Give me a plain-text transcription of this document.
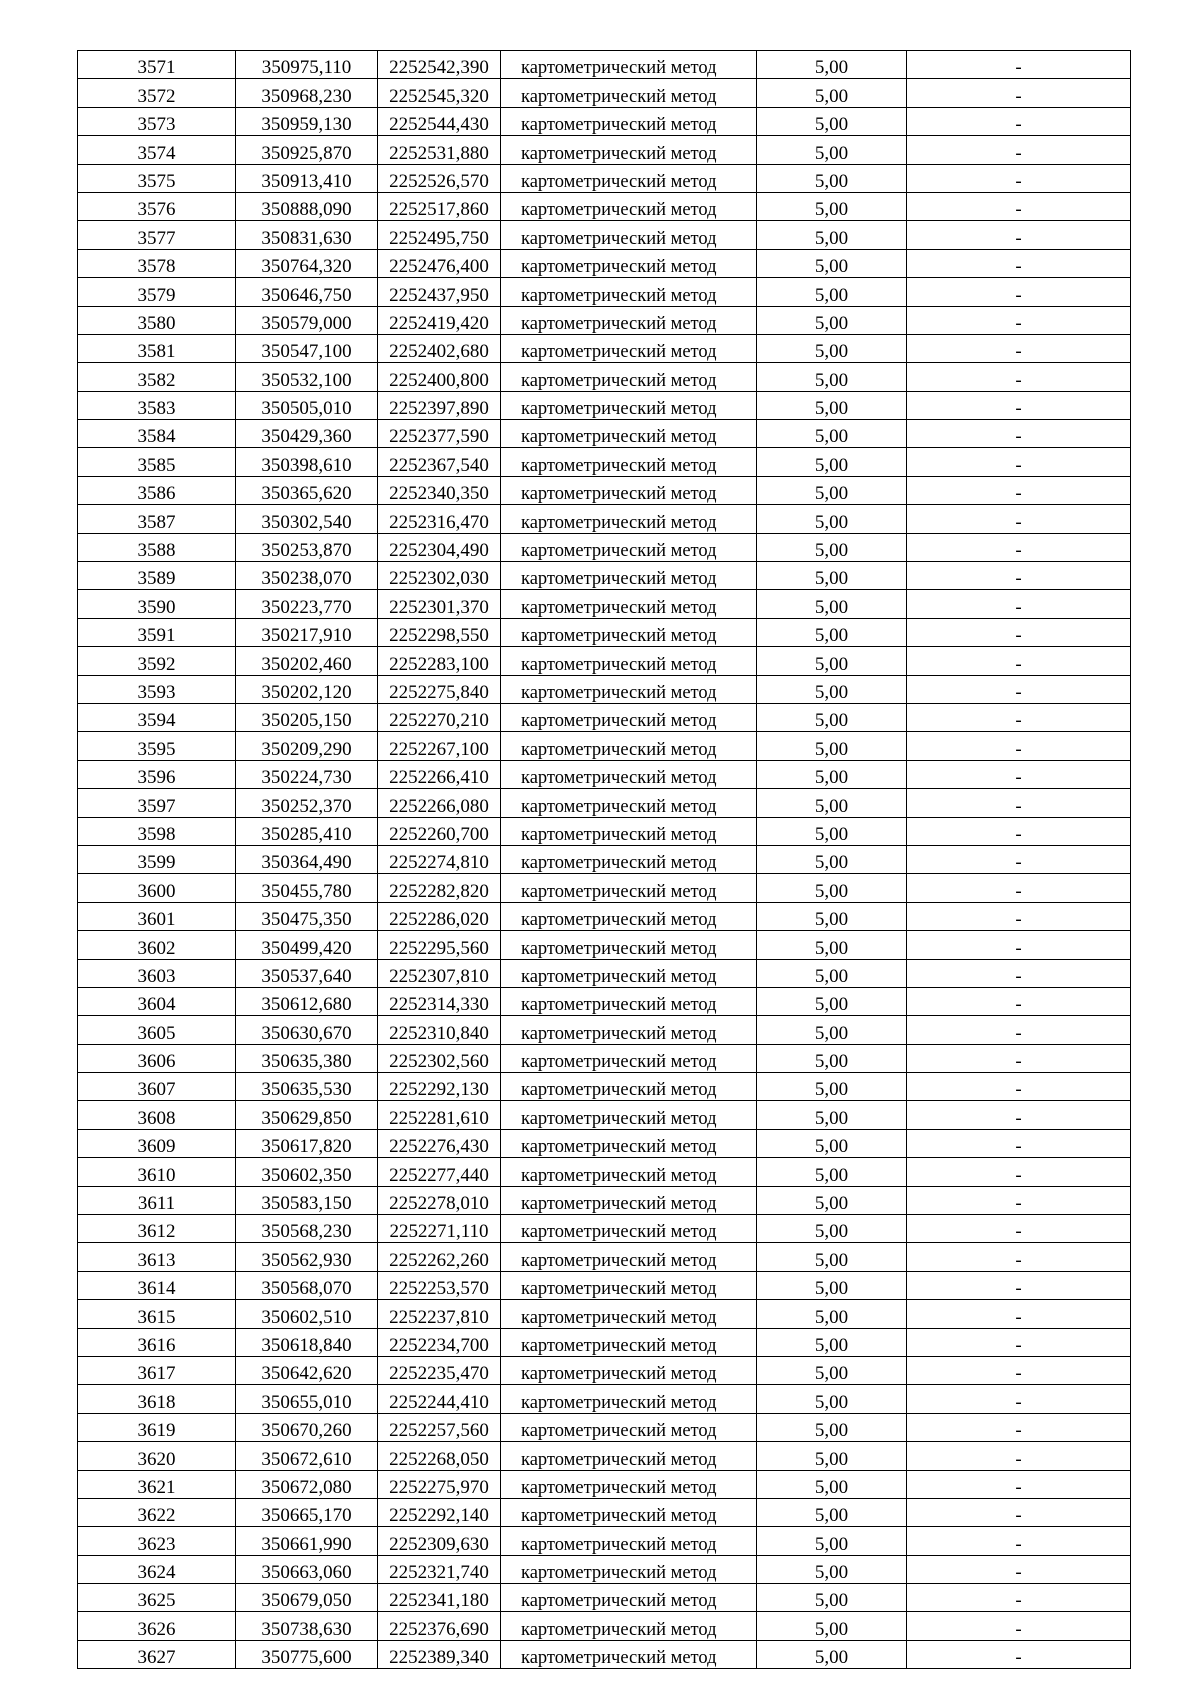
3571	350975,110	2252542,390	картометрический метод	5,00	-
3572	350968,230	2252545,320	картометрический метод	5,00	-
3573	350959,130	2252544,430	картометрический метод	5,00	-
3574	350925,870	2252531,880	картометрический метод	5,00	-
3575	350913,410	2252526,570	картометрический метод	5,00	-
3576	350888,090	2252517,860	картометрический метод	5,00	-
3577	350831,630	2252495,750	картометрический метод	5,00	-
3578	350764,320	2252476,400	картометрический метод	5,00	-
3579	350646,750	2252437,950	картометрический метод	5,00	-
3580	350579,000	2252419,420	картометрический метод	5,00	-
3581	350547,100	2252402,680	картометрический метод	5,00	-
3582	350532,100	2252400,800	картометрический метод	5,00	-
3583	350505,010	2252397,890	картометрический метод	5,00	-
3584	350429,360	2252377,590	картометрический метод	5,00	-
3585	350398,610	2252367,540	картометрический метод	5,00	-
3586	350365,620	2252340,350	картометрический метод	5,00	-
3587	350302,540	2252316,470	картометрический метод	5,00	-
3588	350253,870	2252304,490	картометрический метод	5,00	-
3589	350238,070	2252302,030	картометрический метод	5,00	-
3590	350223,770	2252301,370	картометрический метод	5,00	-
3591	350217,910	2252298,550	картометрический метод	5,00	-
3592	350202,460	2252283,100	картометрический метод	5,00	-
3593	350202,120	2252275,840	картометрический метод	5,00	-
3594	350205,150	2252270,210	картометрический метод	5,00	-
3595	350209,290	2252267,100	картометрический метод	5,00	-
3596	350224,730	2252266,410	картометрический метод	5,00	-
3597	350252,370	2252266,080	картометрический метод	5,00	-
3598	350285,410	2252260,700	картометрический метод	5,00	-
3599	350364,490	2252274,810	картометрический метод	5,00	-
3600	350455,780	2252282,820	картометрический метод	5,00	-
3601	350475,350	2252286,020	картометрический метод	5,00	-
3602	350499,420	2252295,560	картометрический метод	5,00	-
3603	350537,640	2252307,810	картометрический метод	5,00	-
3604	350612,680	2252314,330	картометрический метод	5,00	-
3605	350630,670	2252310,840	картометрический метод	5,00	-
3606	350635,380	2252302,560	картометрический метод	5,00	-
3607	350635,530	2252292,130	картометрический метод	5,00	-
3608	350629,850	2252281,610	картометрический метод	5,00	-
3609	350617,820	2252276,430	картометрический метод	5,00	-
3610	350602,350	2252277,440	картометрический метод	5,00	-
3611	350583,150	2252278,010	картометрический метод	5,00	-
3612	350568,230	2252271,110	картометрический метод	5,00	-
3613	350562,930	2252262,260	картометрический метод	5,00	-
3614	350568,070	2252253,570	картометрический метод	5,00	-
3615	350602,510	2252237,810	картометрический метод	5,00	-
3616	350618,840	2252234,700	картометрический метод	5,00	-
3617	350642,620	2252235,470	картометрический метод	5,00	-
3618	350655,010	2252244,410	картометрический метод	5,00	-
3619	350670,260	2252257,560	картометрический метод	5,00	-
3620	350672,610	2252268,050	картометрический метод	5,00	-
3621	350672,080	2252275,970	картометрический метод	5,00	-
3622	350665,170	2252292,140	картометрический метод	5,00	-
3623	350661,990	2252309,630	картометрический метод	5,00	-
3624	350663,060	2252321,740	картометрический метод	5,00	-
3625	350679,050	2252341,180	картометрический метод	5,00	-
3626	350738,630	2252376,690	картометрический метод	5,00	-
3627	350775,600	2252389,340	картометрический метод	5,00	-
